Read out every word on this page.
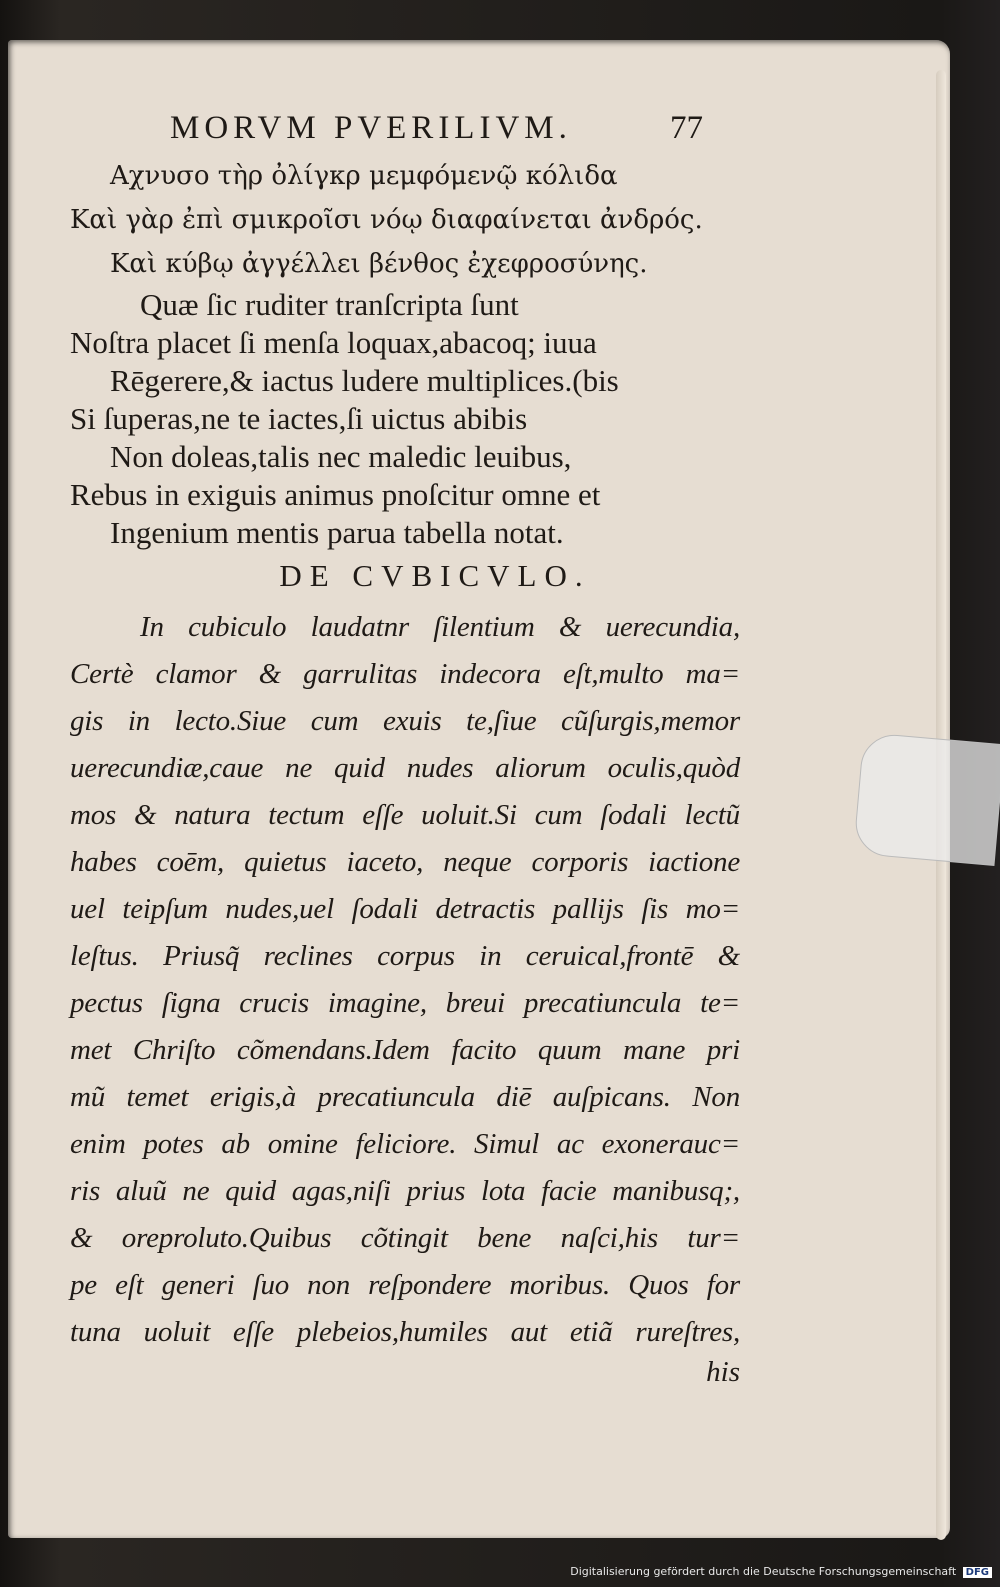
MORVM PVERILIVM.	77
Αχνυσο τὴρ ὀλίγκρ μεμφόμενῷ κόλιδα
Καὶ γὰρ ἐπὶ σμικροῖσι νόῳ διαφαίνεται ἀνδρός.
Καὶ κύβῳ ἀγγέλλει βένθος ἐχεφροσύνης.
Quæ ſic ruditer tranſcripta ſunt
Noſtra placet ſi menſa loquax,abacoq; iuua
Rēgerere,& iactus ludere multiplices.(bis
Si ſuperas,ne te iactes,ſi uictus abibis
Non doleas,talis nec maledic leuibus,
Rebus in exiguis animus pnoſcitur omne et
Ingenium mentis parua tabella notat.
DE CVBICVLO.
In cubiculo laudatnr ſilentium & uerecundia,
Certè clamor & garrulitas indecora eſt,multo ma=
gis in lecto.Siue cum exuis te,ſiue cũſurgis,memor
uerecundiæ,caue ne quid nudes aliorum oculis,quòd
mos & natura tectum eſſe uoluit.Si cum ſodali lectũ
habes coēm, quietus iaceto, neque corporis iactione
uel teipſum nudes,uel ſodali detractis pallijs ſis mo=
leſtus. Priusq̃ reclines corpus in ceruical,frontē &
pectus ſigna crucis imagine, breui precatiuncula te=
met Chriſto cõmendans.Idem facito quum mane pri
mũ temet erigis,à precatiuncula diē auſpicans. Non
enim potes ab omine feliciore. Simul ac exonerauc=
ris aluũ ne quid agas,niſi prius lota facie manibusq;,
& oreproluto.Quibus cõtingit bene naſci,his tur=
pe eſt generi ſuo non reſpondere moribus. Quos for
tuna uoluit eſſe plebeios,humiles aut etiã rureſtres,
his
Digitalisierung gefördert durch die Deutsche Forschungsgemeinschaft DFG
